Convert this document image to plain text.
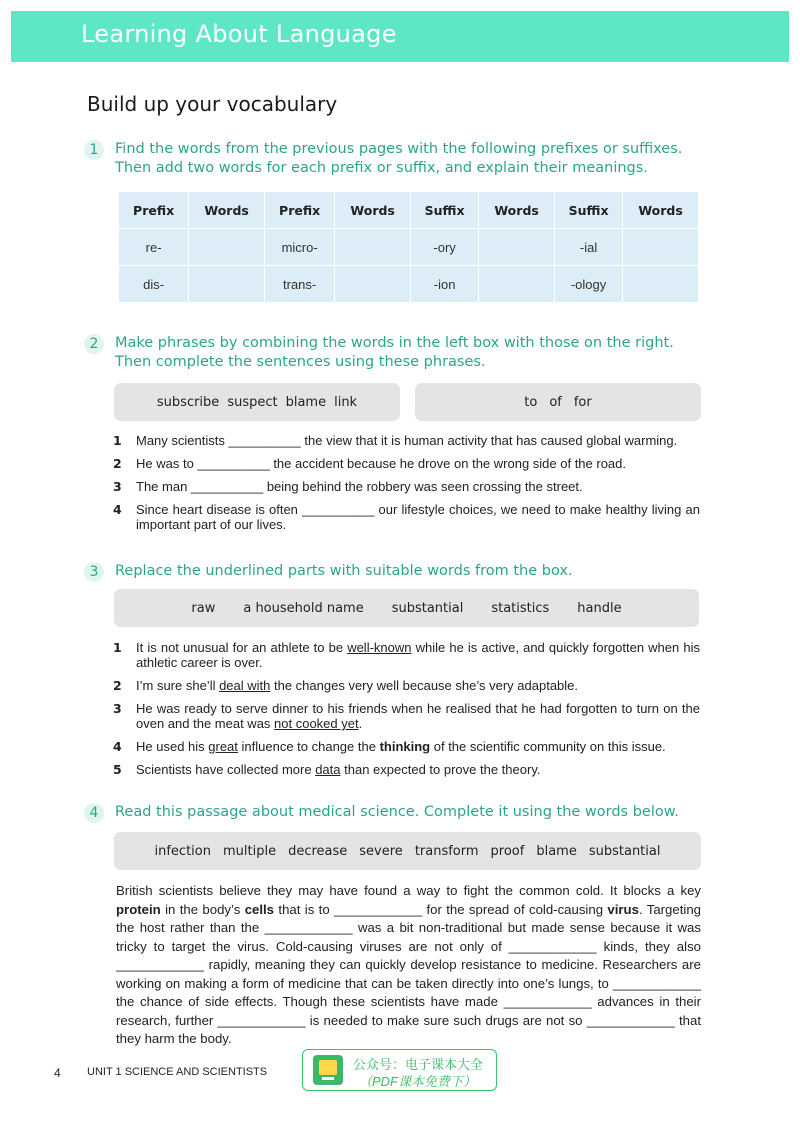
Learning About Language
Build up your vocabulary
1	Find the words from the previous pages with the following prefixes or suffixes.
Then add two words for each prefix or suffix, and explain their meanings.
Prefix	Words	Prefix	Words	Suffix	Words	Suffix	Words
re-		micro-		-ory		-ial	
dis-		trans-		-ion		-ology	
2	Make phrases by combining the words in the left box with those on the right.
Then complete the sentences using these phrases.
subscribe suspect blame link	to of for
1	Many scientists __________ the view that it is human activity that has caused global warming.
2	He was to __________ the accident because he drove on the wrong side of the road.
3	The man __________ being behind the robbery was seen crossing the street.
4	Since heart disease is often __________ our lifestyle choices, we need to make healthy living an important part of our lives.
3	Replace the underlined parts with suitable words from the box.
raw a household name substantial statistics handle
1	It is not unusual for an athlete to be well-known while he is active, and quickly forgotten when his athletic career is over.
2	I’m sure she’ll deal with the changes very well because she’s very adaptable.
3	He was ready to serve dinner to his friends when he realised that he had forgotten to turn on the oven and the meat was not cooked yet.
4	He used his great influence to change the thinking of the scientific community on this issue.
5	Scientists have collected more data than expected to prove the theory.
4	Read this passage about medical science. Complete it using the words below.
infection multiple decrease severe transform proof blame substantial
British scientists believe they may have found a way to fight the common cold. It blocks a key protein in the body’s cells that is to ____________ for the spread of cold-causing virus. Targeting the host rather than the ____________ was a bit non-traditional but made sense because it was tricky to target the virus. Cold-causing viruses are not only of ____________ kinds, they also ____________ rapidly, meaning they can quickly develop resistance to medicine. Researchers are working on making a form of medicine that can be taken directly into one’s lungs, to ____________ the chance of side effects. Though these scientists have made ____________ advances in their research, further ____________ is needed to make sure such drugs are not so ____________ that they harm the body.
4 UNIT 1 SCIENCE AND SCIENTISTS	公众号：电子课本大全
（PDF课本免费下）
